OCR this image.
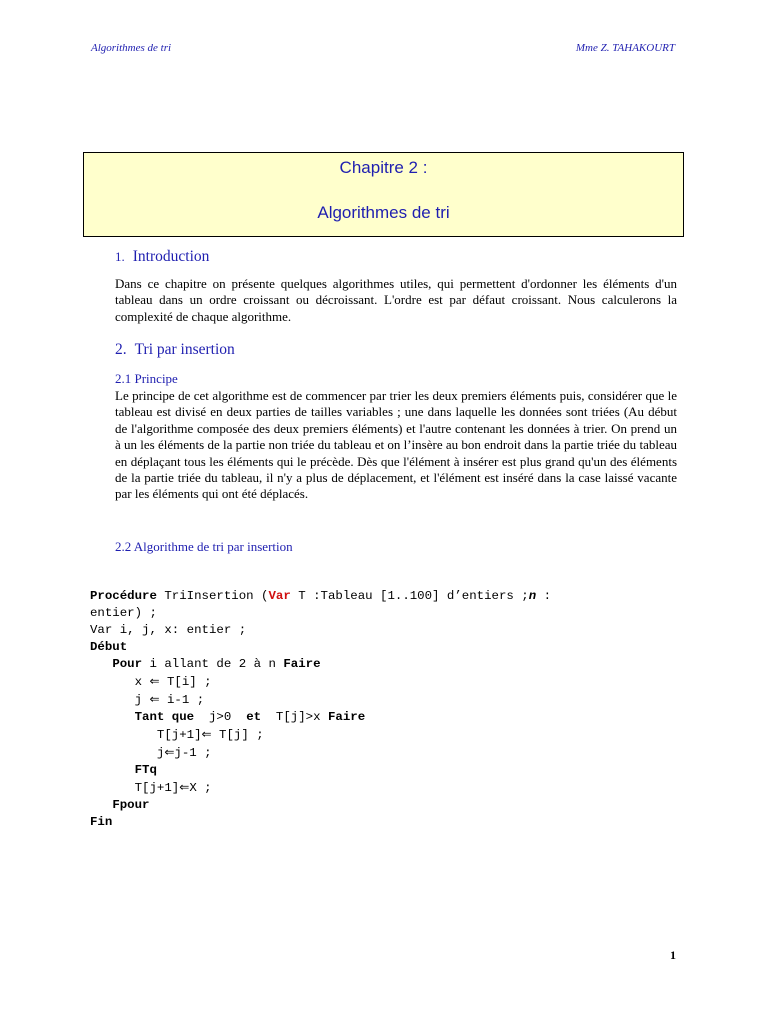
Algorithmes de tri	Mme Z. TAHAKOURT
Chapitre 2 :
Algorithmes de tri
1. Introduction
Dans ce chapitre on présente quelques algorithmes utiles, qui permettent d'ordonner les éléments d'un tableau dans un ordre croissant ou décroissant. L'ordre est par défaut croissant. Nous calculerons la complexité de chaque algorithme.
2. Tri par insertion
2.1 Principe
Le principe de cet algorithme est de commencer par trier les deux premiers éléments puis, considérer que le tableau est divisé en deux parties de tailles variables ; une dans laquelle les données sont triées (Au début de l'algorithme composée des deux premiers éléments) et l'autre contenant les données à trier. On prend un à un les éléments de la partie non triée du tableau et on l’insère au bon endroit dans la partie triée du tableau en déplaçant tous les éléments qui le précède. Dès que l'élément à insérer est plus grand qu'un des éléments de la partie triée du tableau, il n'y a plus de déplacement, et l'élément est inséré dans la case laissé vacante par les éléments qui ont été déplacés.
2.2 Algorithme de tri par insertion
Procédure TriInsertion (Var T :Tableau [1..100] d’entiers ;n :
entier) ;
Var i, j, x: entier ;
Début
Pour i allant de 2 à n Faire
x ⇐ T[i] ;
j ⇐ i-1 ;
Tant que  j>0  et  T[j]>x Faire
T[j+1]⇐ T[j] ;
j⇐j-1 ;
FTq
T[j+1]⇐X ;
Fpour
Fin
1
